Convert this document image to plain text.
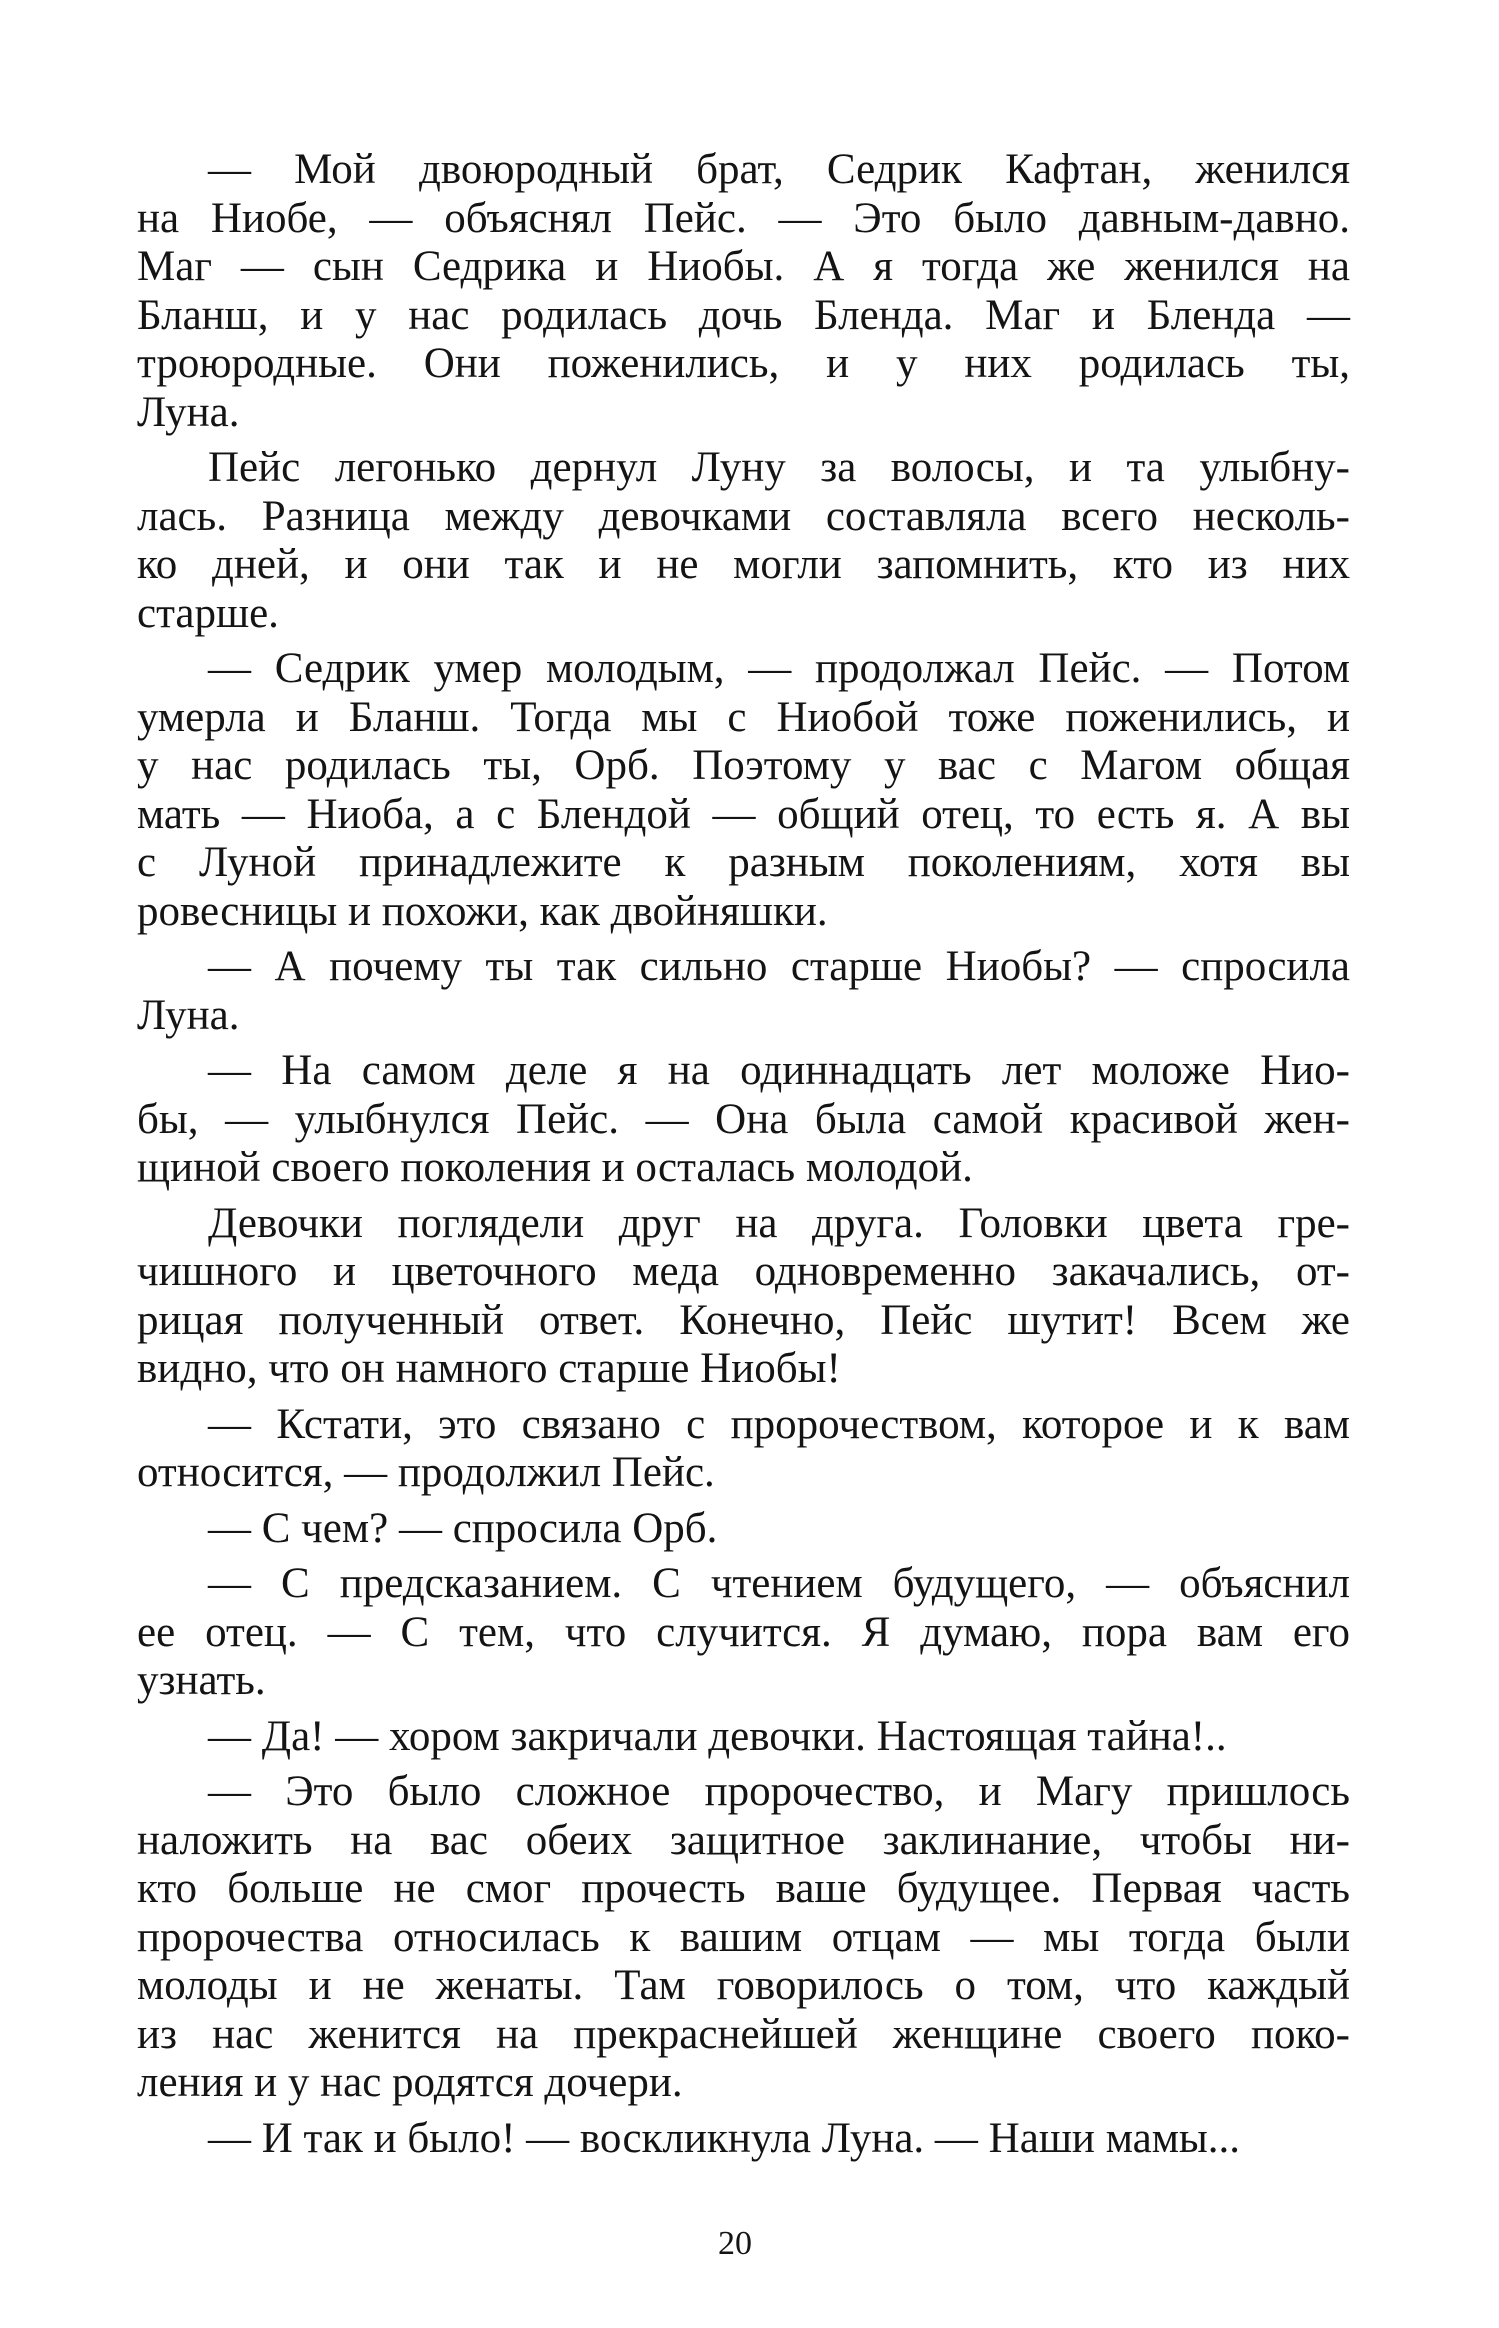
— Мой двоюродный брат, Седрик Кафтан, женился
на Ниобе, — объяснял Пейс. — Это было давным-давно.
Маг — сын Седрика и Ниобы. А я тогда же женился на
Бланш, и у нас родилась дочь Бленда. Маг и Бленда —
троюродные. Они поженились, и у них родилась ты,
Луна.
Пейс легонько дернул Луну за волосы, и та улыбну-
лась. Разница между девочками составляла всего несколь-
ко дней, и они так и не могли запомнить, кто из них
старше.
— Седрик умер молодым, — продолжал Пейс. — Потом
умерла и Бланш. Тогда мы с Ниобой тоже поженились, и
у нас родилась ты, Орб. Поэтому у вас с Магом общая
мать — Ниоба, а с Блендой — общий отец, то есть я. А вы
с Луной принадлежите к разным поколениям, хотя вы
ровесницы и похожи, как двойняшки.
— А почему ты так сильно старше Ниобы? — спросила
Луна.
— На самом деле я на одиннадцать лет моложе Нио-
бы, — улыбнулся Пейс. — Она была самой красивой жен-
щиной своего поколения и осталась молодой.
Девочки поглядели друг на друга. Головки цвета гре-
чишного и цветочного меда одновременно закачались, от-
рицая полученный ответ. Конечно, Пейс шутит! Всем же
видно, что он намного старше Ниобы!
— Кстати, это связано с пророчеством, которое и к вам
относится, — продолжил Пейс.
— С чем? — спросила Орб.
— С предсказанием. С чтением будущего, — объяснил
ее отец. — С тем, что случится. Я думаю, пора вам его
узнать.
— Да! — хором закричали девочки. Настоящая тайна!..
— Это было сложное пророчество, и Магу пришлось
наложить на вас обеих защитное заклинание, чтобы ни-
кто больше не смог прочесть ваше будущее. Первая часть
пророчества относилась к вашим отцам — мы тогда были
молоды и не женаты. Там говорилось о том, что каждый
из нас женится на прекраснейшей женщине своего поко-
ления и у нас родятся дочери.
— И так и было! — воскликнула Луна. — Наши мамы...
20
